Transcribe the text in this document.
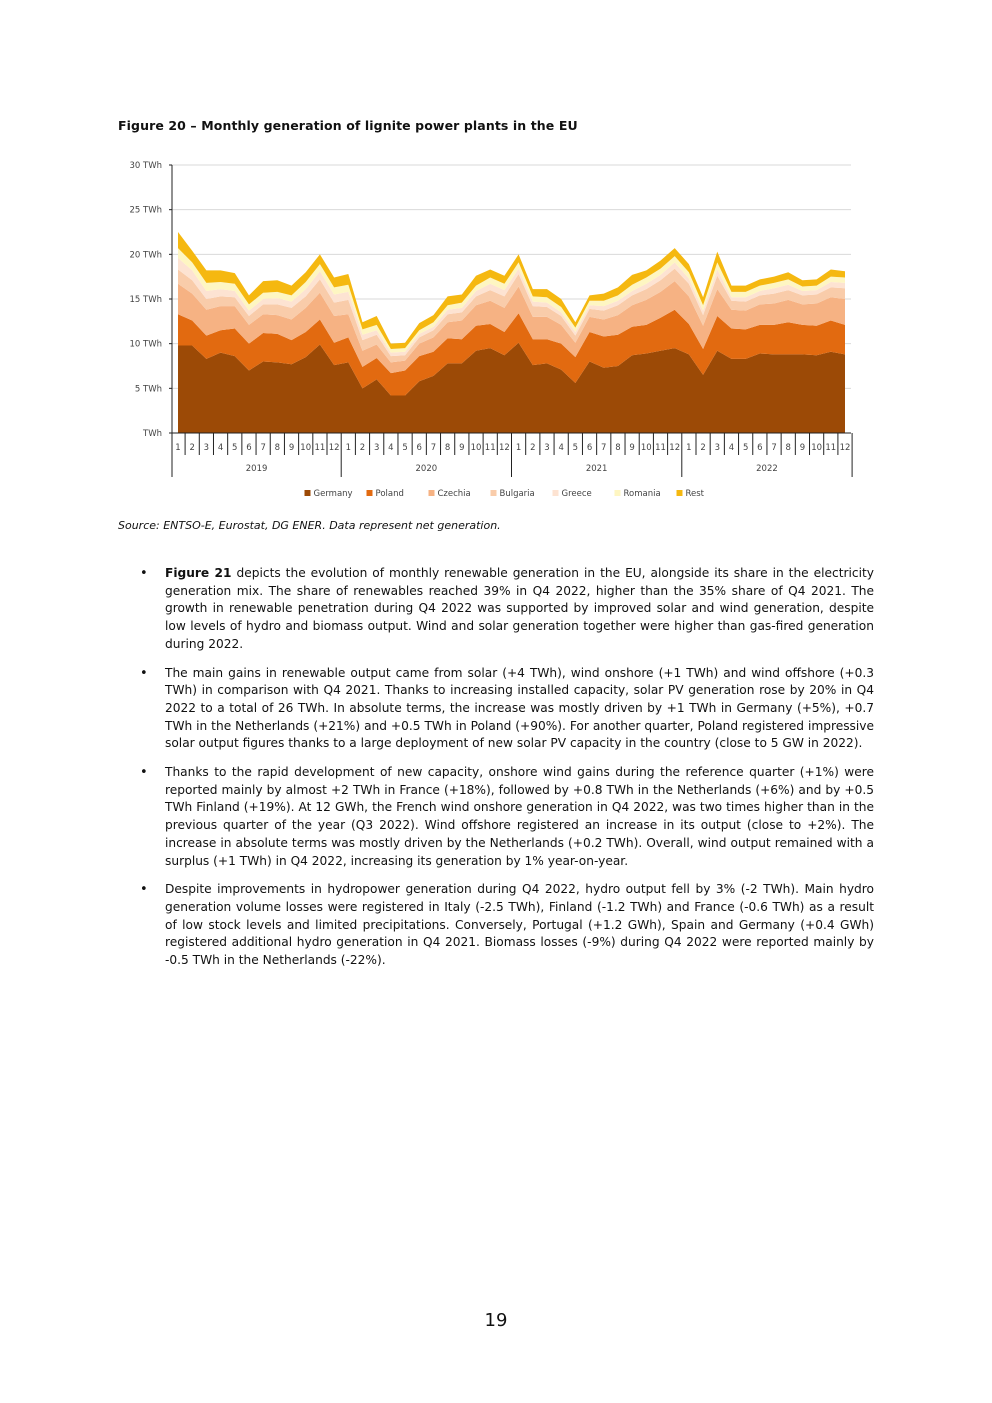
Figure 20 – Monthly generation of lignite power plants in the EU
TWh
5 TWh
10 TWh
15 TWh
20 TWh
25 TWh
30 TWh
1 2 3 4 5 6 7 8 9 10 11 12 1 2 3 4 5 6 7 8 9 10 11 12 1 2 3 4 5 6 7 8 9 10 11 12 1 2 3 4 5 6 7 8 9 10 11 12
2019	2020	2021	2022
Germany	Poland	Czechia	Bulgaria	Greece	Romania	Rest
Source: ENTSO-E, Eurostat, DG ENER. Data represent net generation.
• Figure 21 depicts the evolution of monthly renewable generation in the EU, alongside its share in the electricity generation mix. The share of renewables reached 39% in Q4 2022, higher than the 35% share of Q4 2021. The growth in renewable penetration during Q4 2022 was supported by improved solar and wind generation, despite low levels of hydro and biomass output. Wind and solar generation together were higher than gas-fired generation during 2022.
• The main gains in renewable output came from solar (+4 TWh), wind onshore (+1 TWh) and wind offshore (+0.3 TWh) in comparison with Q4 2021. Thanks to increasing installed capacity, solar PV generation rose by 20% in Q4 2022 to a total of 26 TWh. In absolute terms, the increase was mostly driven by +1 TWh in Germany (+5%), +0.7 TWh in the Netherlands (+21%) and +0.5 TWh in Poland (+90%). For another quarter, Poland registered impressive solar output figures thanks to a large deployment of new solar PV capacity in the country (close to 5 GW in 2022).
• Thanks to the rapid development of new capacity, onshore wind gains during the reference quarter (+1%) were reported mainly by almost +2 TWh in France (+18%), followed by +0.8 TWh in the Netherlands (+6%) and by +0.5 TWh Finland (+19%). At 12 GWh, the French wind onshore generation in Q4 2022, was two times higher than in the previous quarter of the year (Q3 2022). Wind offshore registered an increase in its output (close to +2%). The increase in absolute terms was mostly driven by the Netherlands (+0.2 TWh). Overall, wind output remained with a surplus (+1 TWh) in Q4 2022, increasing its generation by 1% year-on-year.
• Despite improvements in hydropower generation during Q4 2022, hydro output fell by 3% (-2 TWh). Main hydro generation volume losses were registered in Italy (-2.5 TWh), Finland (-1.2 TWh) and France (-0.6 TWh) as a result of low stock levels and limited precipitations. Conversely, Portugal (+1.2 GWh), Spain and Germany (+0.4 GWh) registered additional hydro generation in Q4 2021. Biomass losses (-9%) during Q4 2022 were reported mainly by -0.5 TWh in the Netherlands (-22%).
19
